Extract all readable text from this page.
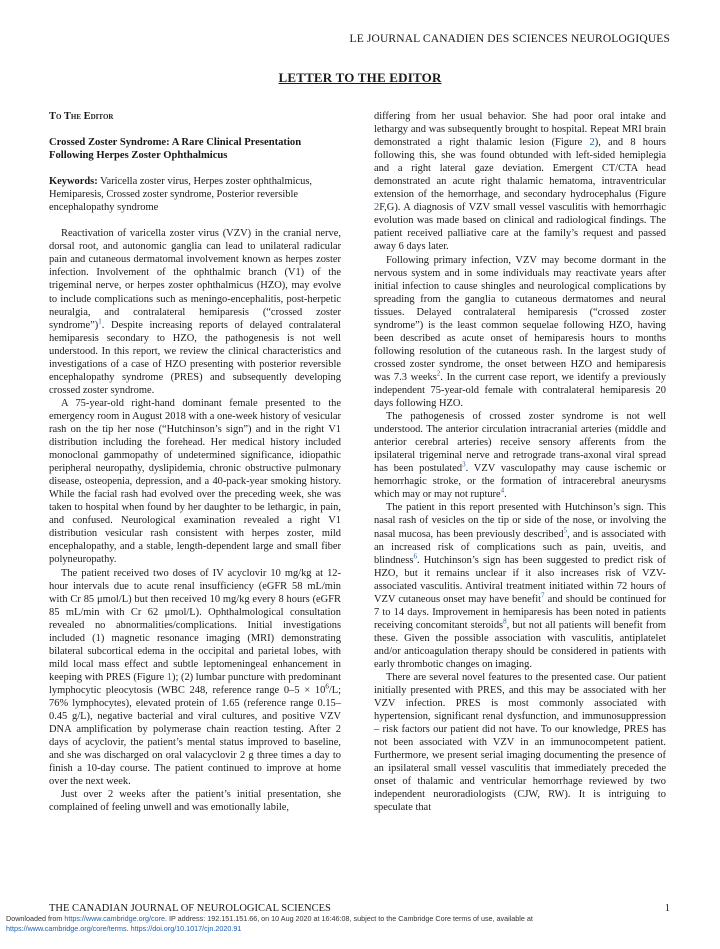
LE JOURNAL CANADIEN DES SCIENCES NEUROLOGIQUES
LETTER TO THE EDITOR

To The Editor

Crossed Zoster Syndrome: A Rare Clinical Presentation Following Herpes Zoster Ophthalmicus

Keywords: Varicella zoster virus, Herpes zoster ophthalmicus, Hemiparesis, Crossed zoster syndrome, Posterior reversible encephalopathy syndrome

Reactivation of varicella zoster virus (VZV) in the cranial nerve, dorsal root, and autonomic ganglia can lead to unilateral radicular pain and cutaneous dermatomal involvement known as herpes zoster infection. Involvement of the ophthalmic branch (V1) of the trigeminal nerve, or herpes zoster ophthalmicus (HZO), may evolve to include complications such as meningo-encephalitis, post-herpetic neuralgia, and contralateral hemiparesis (“crossed zoster syndrome”)$^1$. Despite increasing reports of delayed contralateral hemiparesis secondary to HZO, the pathogenesis is not well understood. In this report, we review the clinical characteristics and investigations of a case of HZO presenting with posterior reversible encephalopathy syndrome (PRES) and subsequently developing crossed zoster syndrome.

A 75-year-old right-hand dominant female presented to the emergency room in August 2018 with a one-week history of vesicular rash on the tip her nose (“Hutchinson’s sign”) and in the right V1 distribution including the forehead. Her medical history included monoclonal gammopathy of undetermined significance, idiopathic peripheral neuropathy, dyslipidemia, chronic obstructive pulmonary disease, osteopenia, depression, and a 40-pack-year smoking history. While the facial rash had evolved over the preceding week, she was taken to hospital when found by her daughter to be lethargic, in pain, and confused. Neurological examination revealed a right V1 distribution vesicular rash consistent with herpes zoster, mild encephalopathy, and a stable, length-dependent large and small fiber polyneuropathy.

The patient received two doses of IV acyclovir 10 mg/kg at 12-hour intervals due to acute renal insufficiency (eGFR 58 mL/min with Cr 85 μmol/L) but then received 10 mg/kg every 8 hours (eGFR 85 mL/min with Cr 62 μmol/L). Ophthalmological consultation revealed no abnormalities/complications. Initial investigations included (1) magnetic resonance imaging (MRI) demonstrating bilateral subcortical edema in the occipital and parietal lobes, with mild local mass effect and subtle leptomeningeal enhancement in keeping with PRES (Figure 1); (2) lumbar puncture with predominant lymphocytic pleocytosis (WBC 248, reference range $0-5 \times 10^6/L$; 76% lymphocytes), elevated protein of 1.65 (reference range 0.15–0.45 g/L), negative bacterial and viral cultures, and positive VZV DNA amplification by polymerase chain reaction testing. After 2 days of acyclovir, the patient’s mental status improved to baseline, and she was discharged on oral valacyclovir 2 g three times a day to finish a 10-day course. The patient continued to improve at home over the next week.

Just over 2 weeks after the patient’s initial presentation, she complained of feeling unwell and was emotionally labile,

differing from her usual behavior. She had poor oral intake and lethargy and was subsequently brought to hospital. Repeat MRI brain demonstrated a right thalamic lesion (Figure 2), and 8 hours following this, she was found obtunded with left-sided hemiplegia and a right lateral gaze deviation. Emergent CT/CTA head demonstrated an acute right thalamic hematoma, intraventricular extension of the hemorrhage, and secondary hydrocephalus (Figure 2F,G). A diagnosis of VZV small vessel vasculitis with hemorrhagic evolution was made based on clinical and radiological findings. The patient received palliative care at the family’s request and passed away 6 days later.

Following primary infection, VZV may become dormant in the nervous system and in some individuals may reactivate years after initial infection to cause shingles and neurological complications by spreading from the ganglia to cutaneous dermatomes and neural tissues. Delayed contralateral hemiparesis (“crossed zoster syndrome”) is the least common sequelae following HZO, having been described as acute onset of hemiparesis hours to months following resolution of the cutaneous rash. In the largest study of crossed zoster syndrome, the onset between HZO and hemiparesis was 7.3 weeks$^2$. In the current case report, we identify a previously independent 75-year-old female with contralateral hemiparesis 20 days following HZO.

The pathogenesis of crossed zoster syndrome is not well understood. The anterior circulation intracranial arteries (middle and anterior cerebral arteries) receive sensory afferents from the ipsilateral trigeminal nerve and retrograde trans-axonal viral spread has been postulated$^3$. VZV vasculopathy may cause ischemic or hemorrhagic stroke, or the formation of intracerebral aneurysms which may or may not rupture$^4$.

The patient in this report presented with Hutchinson’s sign. This nasal rash of vesicles on the tip or side of the nose, or involving the nasal mucosa, has been previously described$^5$, and is associated with an increased risk of complications such as pain, uveitis, and blindness$^6$. Hutchinson’s sign has been suggested to predict risk of HZO, but it remains unclear if it also increases risk of VZV-associated vasculitis. Antiviral treatment initiated within 72 hours of VZV cutaneous onset may have benefit$^7$ and should be continued for 7 to 14 days. Improvement in hemiparesis has been noted in patients receiving concomitant steroids$^8$, but not all patients will benefit from these. Given the possible association with vasculitis, antiplatelet and/or anticoagulation therapy should be considered in patients with early thrombotic changes on imaging.

There are several novel features to the presented case. Our patient initially presented with PRES, and this may be associated with her VZV infection. PRES is most commonly associated with hypertension, significant renal dysfunction, and immunosuppression – risk factors our patient did not have. To our knowledge, PRES has not been associated with VZV in an immunocompetent patient. Furthermore, we present serial imaging documenting the presence of an ipsilateral small vessel vasculitis that immediately preceded the onset of thalamic and ventricular hemorrhage reviewed by two independent neuroradiologists (CJW, RW). It is intriguing to speculate that

THE CANADIAN JOURNAL OF NEUROLOGICAL SCIENCES	1
Downloaded from https://www.cambridge.org/core. IP address: 192.151.151.66, on 10 Aug 2020 at 16:46:08, subject to the Cambridge Core terms of use, available at
https://www.cambridge.org/core/terms. https://doi.org/10.1017/cjn.2020.91
